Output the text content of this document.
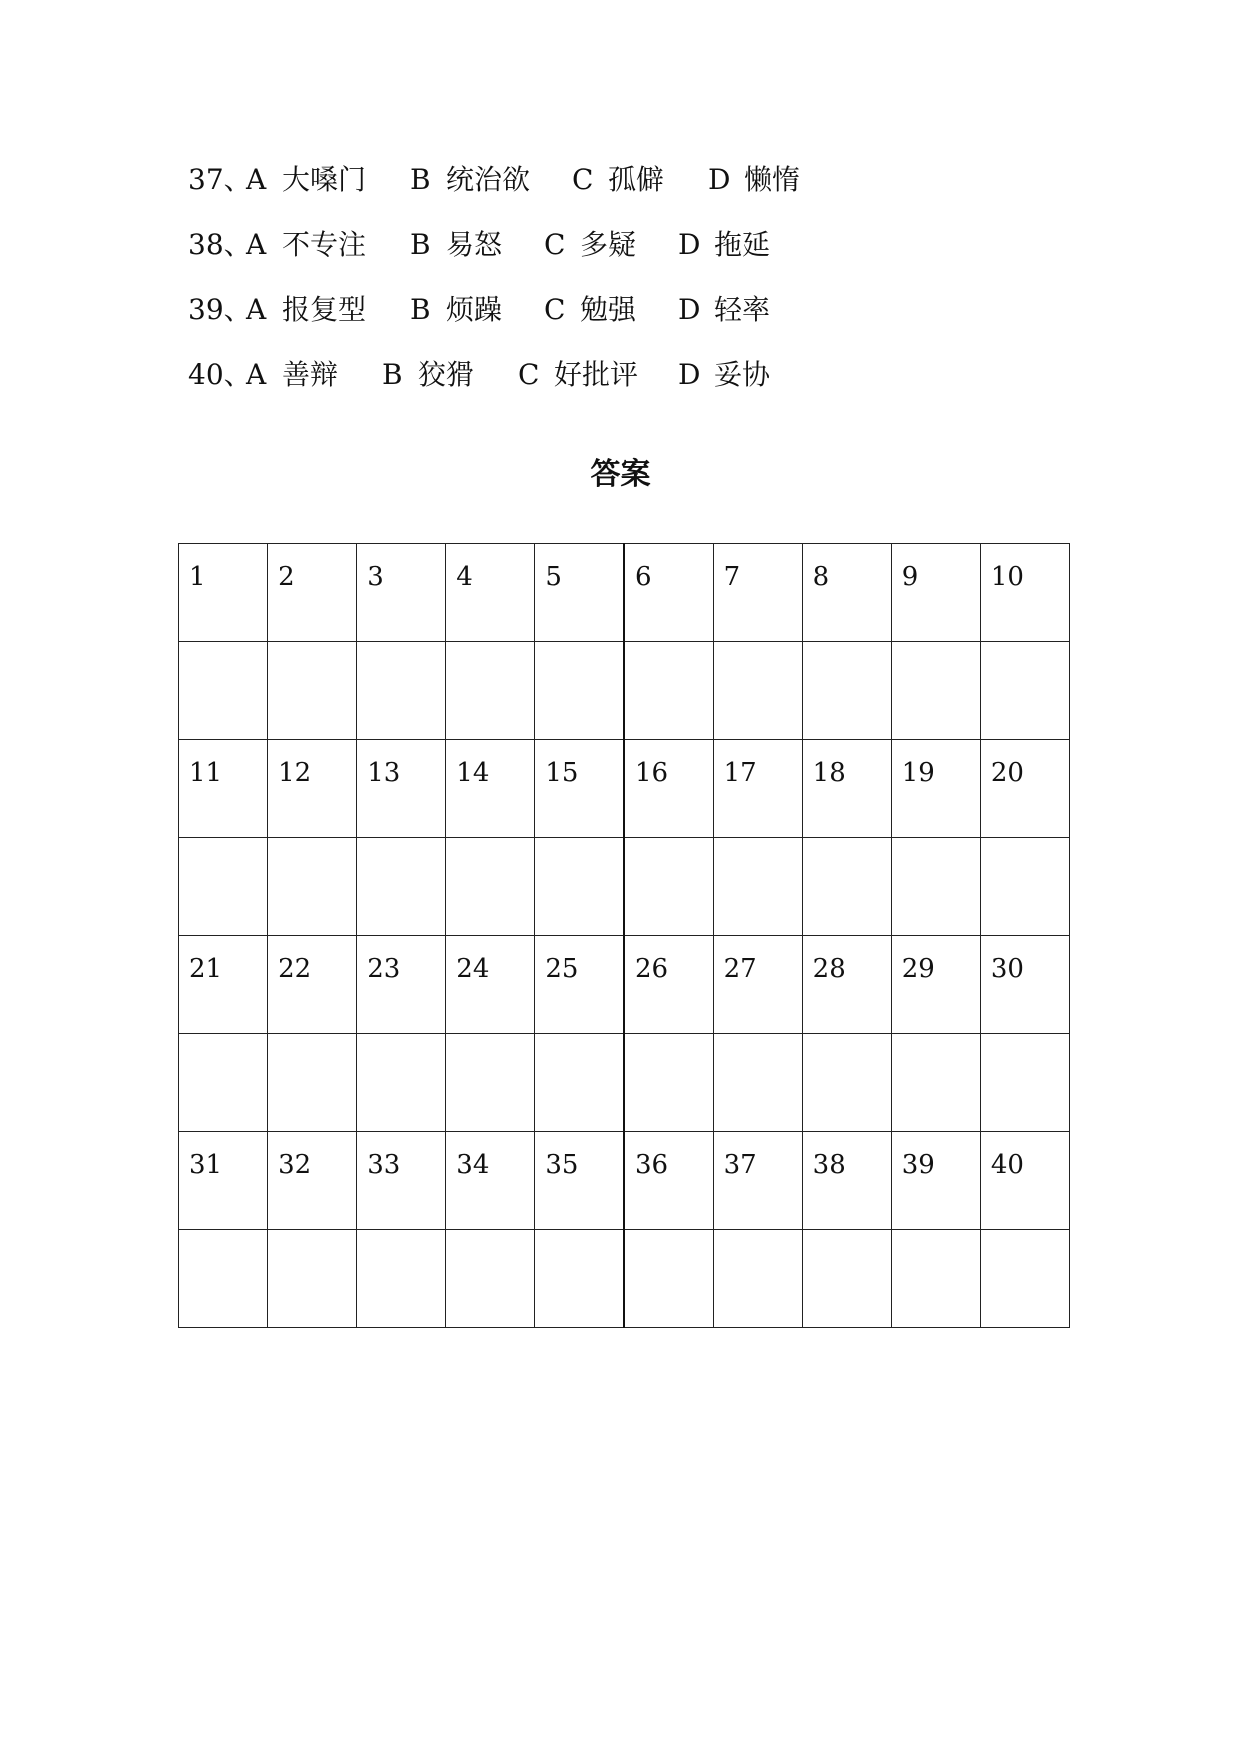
37、
A 大嗓门 B 统治欲 C 孤僻 D 懒惰
38、
A 不专注 B 易怒 C 多疑 D 拖延
39、
A 报复型 B 烦躁 C 勉强 D 轻率
40、
A 善辩 B 狡猾 C 好批评 D 妥协
答案
1	2	3	4	5	6	7	8	9	10

11	12	13	14	15	16	17	18	19	20

21	22	23	24	25	26	27	28	29	30

31	32	33	34	35	36	37	38	39	40
